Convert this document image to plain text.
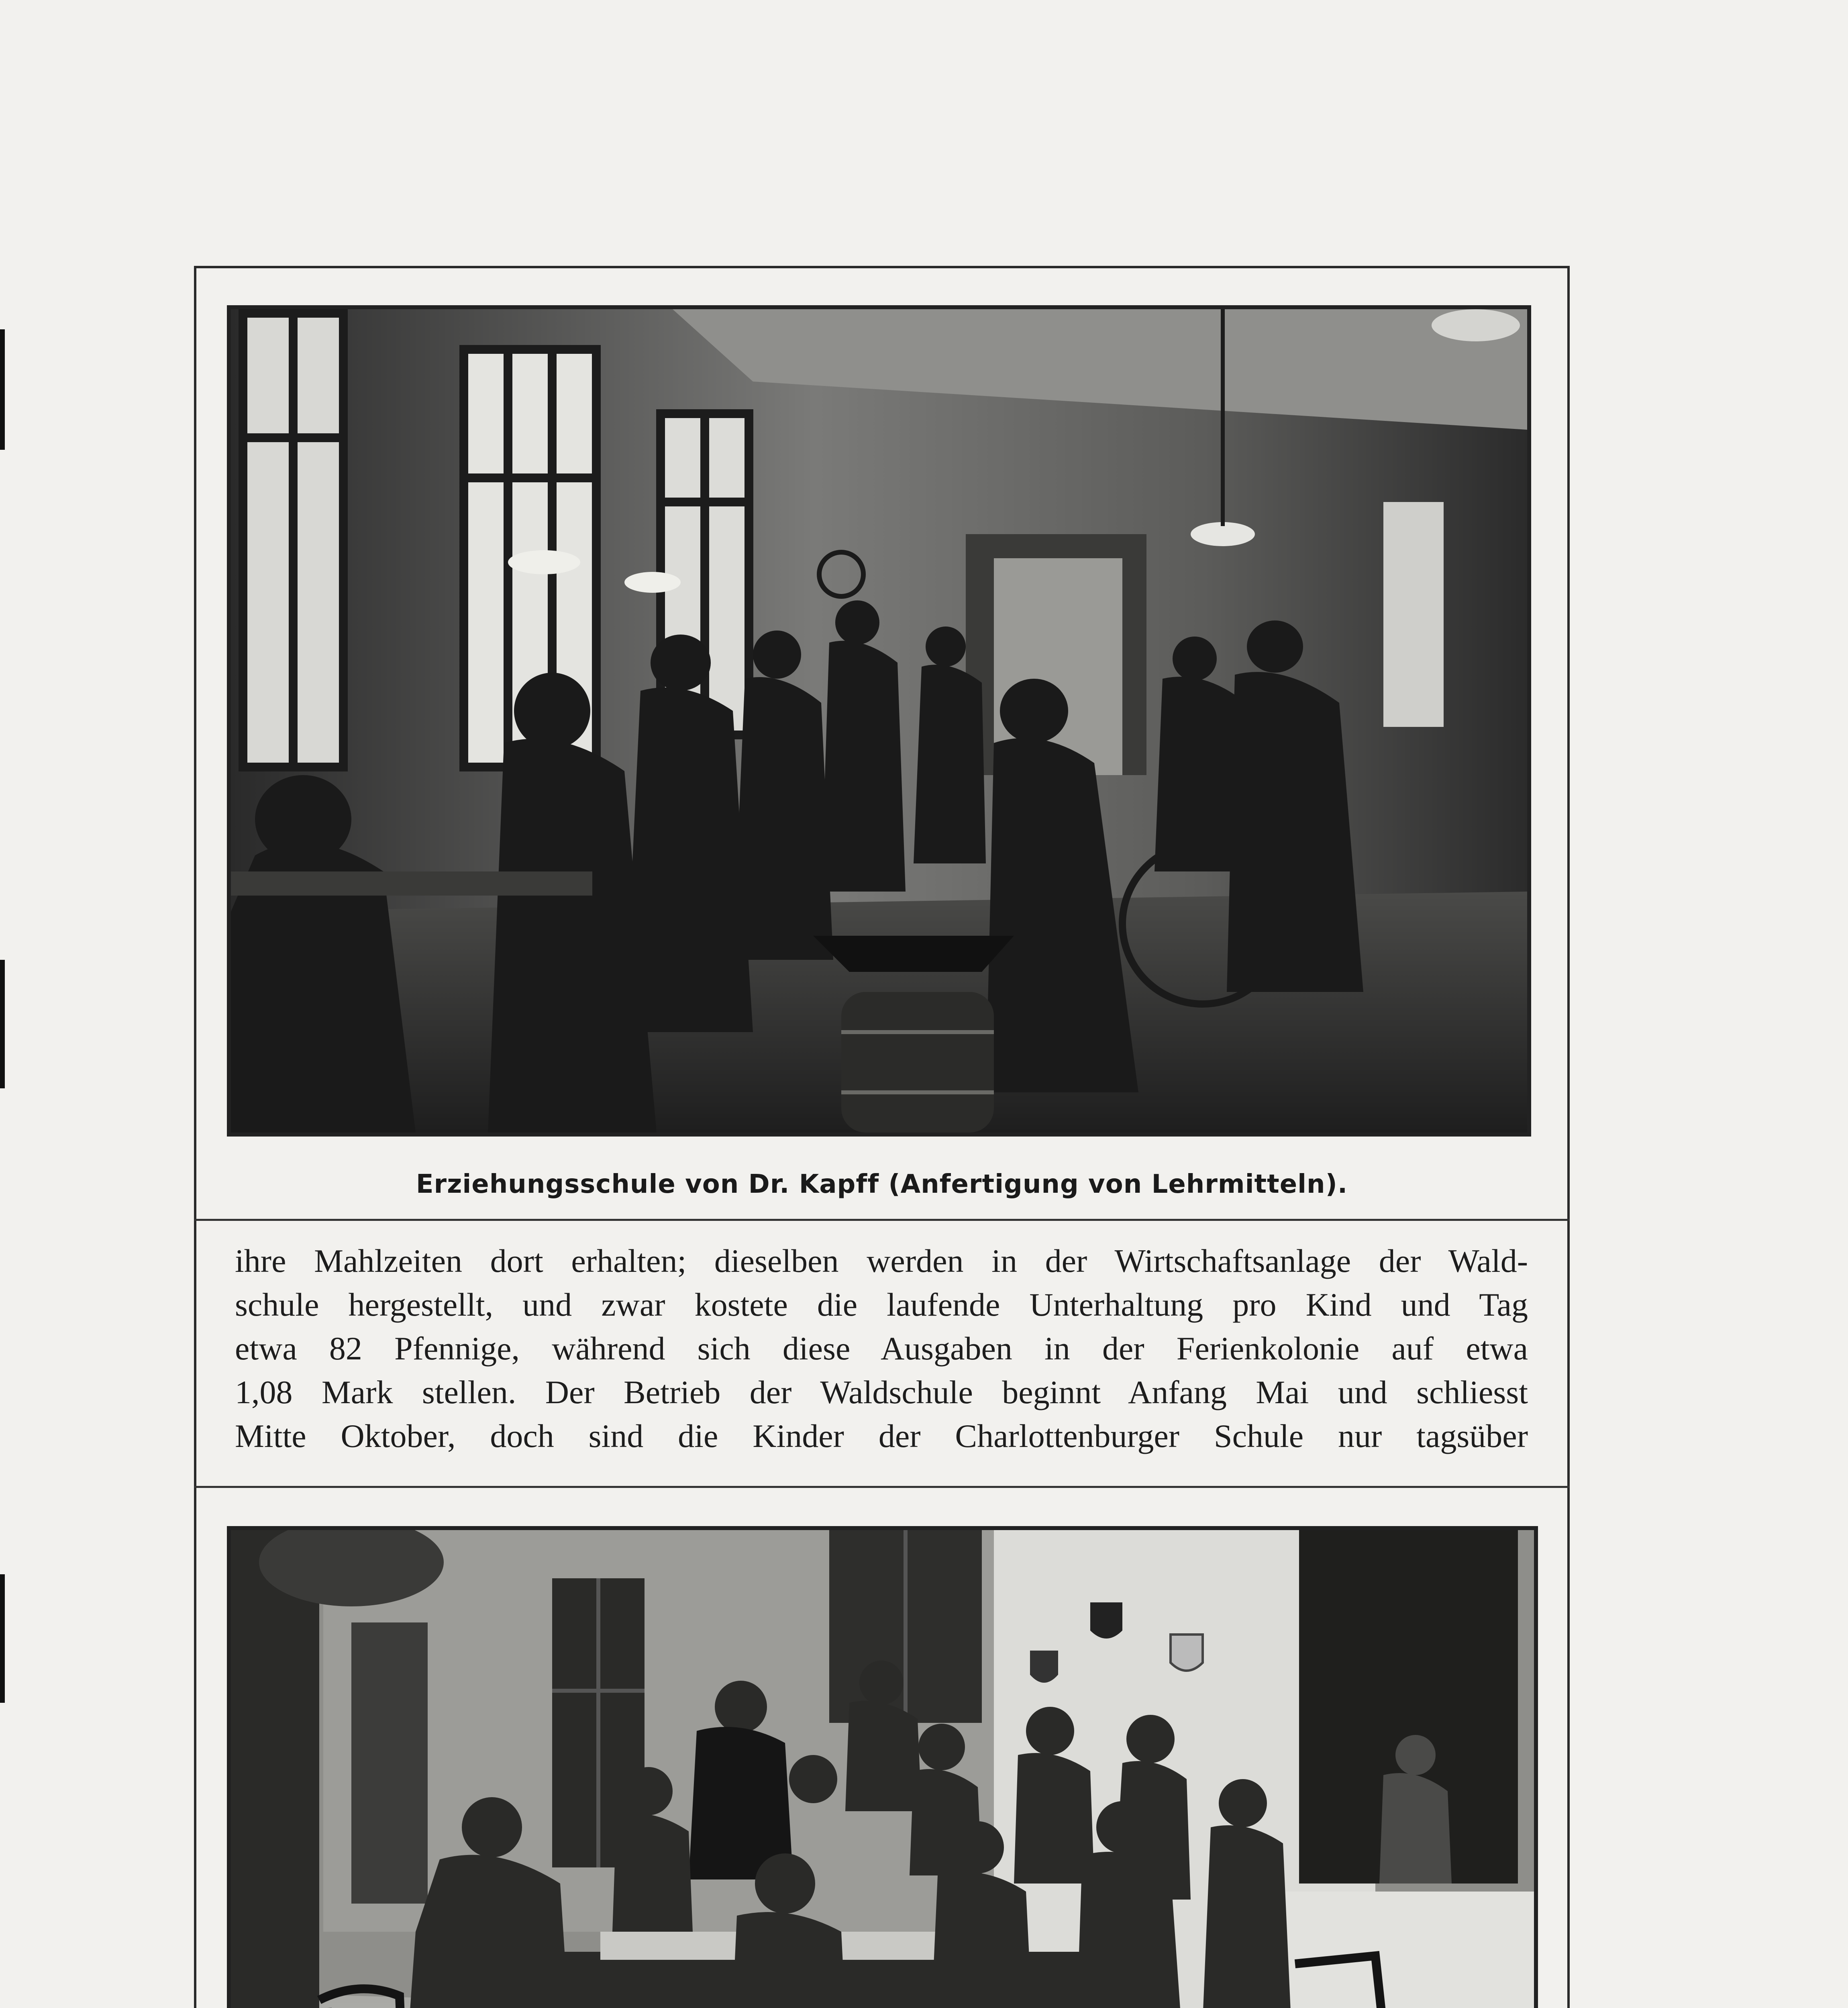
Erziehungsschule von Dr. Kapff (Anfertigung von Lehrmitteln).
ihre Mahlzeiten dort erhalten; dieselben werden in der Wirtschaftsanlage der Wald-
schule hergestellt, und zwar kostete die laufende Unterhaltung pro Kind und Tag
etwa 82 Pfennige, während sich diese Ausgaben in der Ferienkolonie auf etwa
1,08 Mark stellen. Der Betrieb der Waldschule beginnt Anfang Mai und schliesst
Mitte Oktober, doch sind die Kinder der Charlottenburger Schule nur tagsüber
